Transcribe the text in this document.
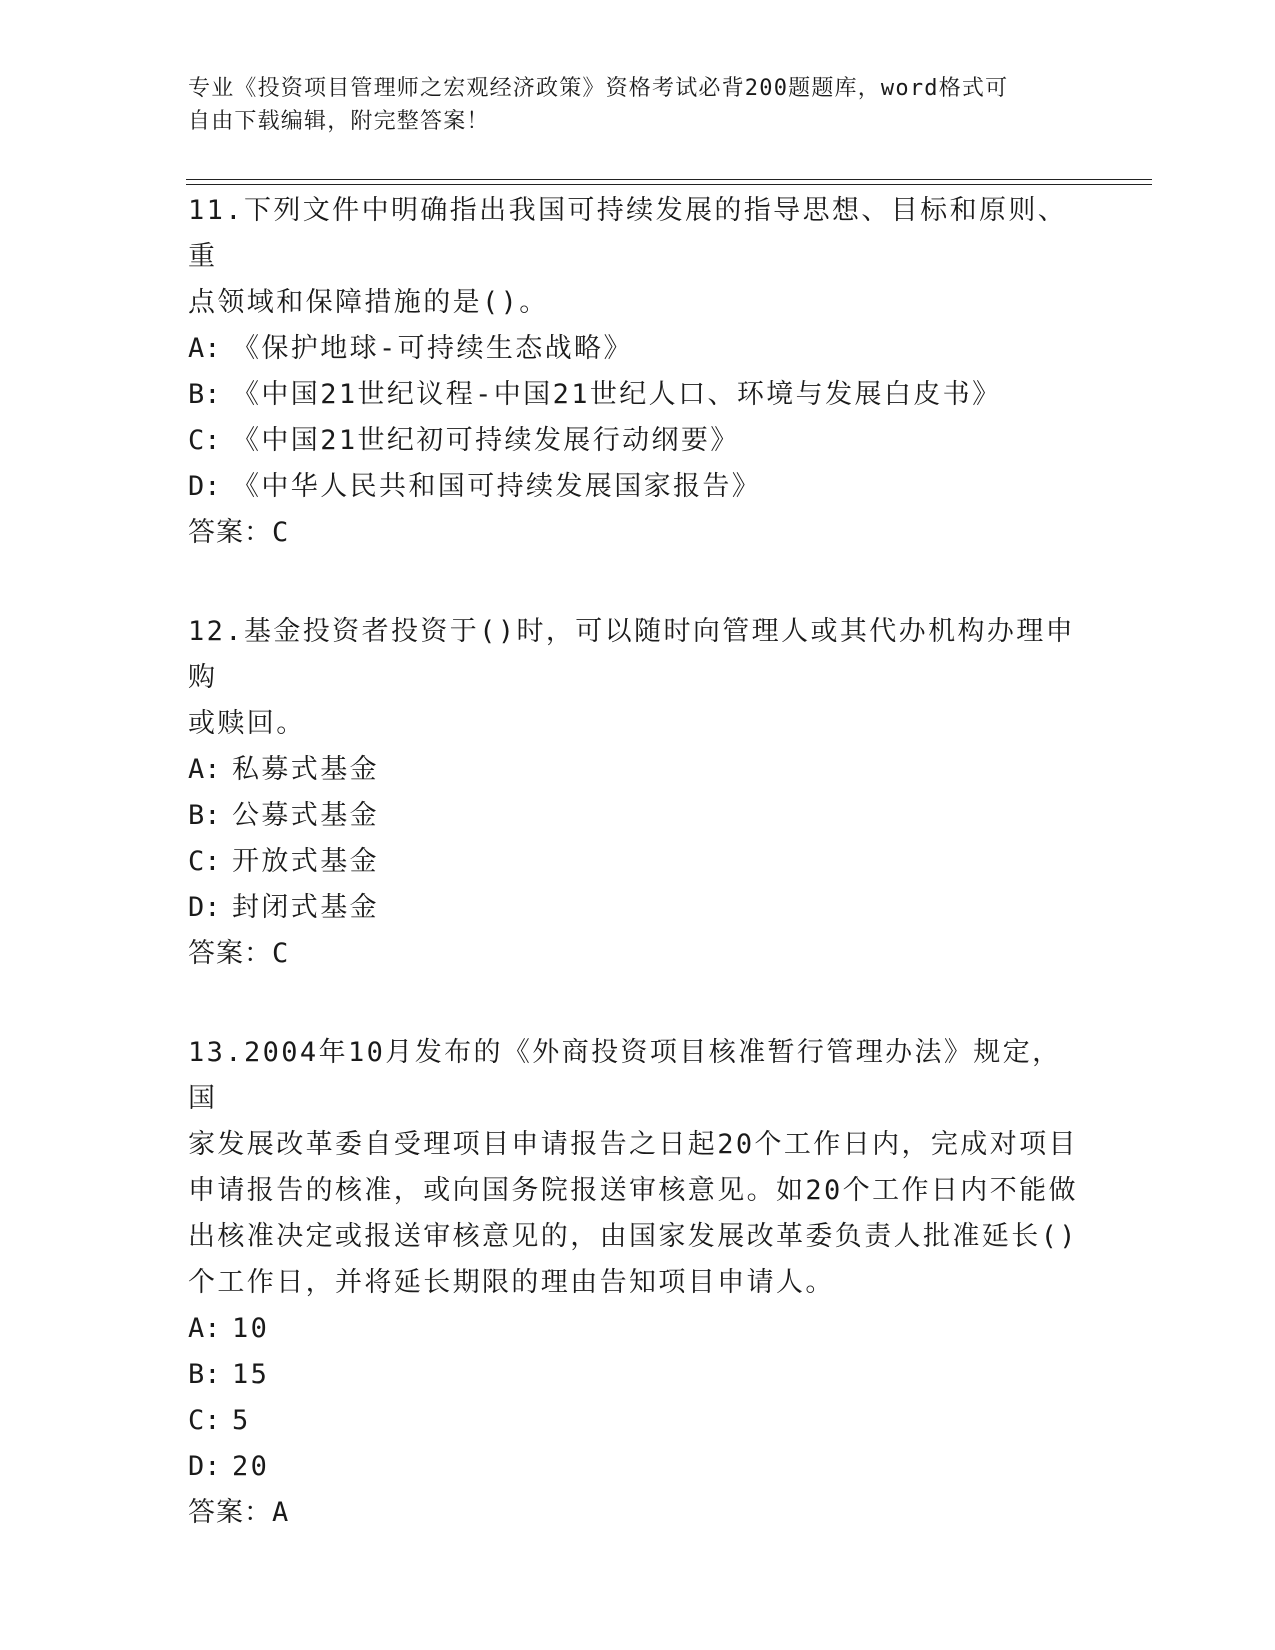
专业《投资项目管理师之宏观经济政策》资格考试必背200题题库，word格式可
自由下载编辑，附完整答案！
11.下列文件中明确指出我国可持续发展的指导思想、目标和原则、重
点领域和保障措施的是()。
A: 《保护地球-可持续生态战略》
B: 《中国21世纪议程-中国21世纪人口、环境与发展白皮书》
C: 《中国21世纪初可持续发展行动纲要》
D: 《中华人民共和国可持续发展国家报告》
答案：C
12.基金投资者投资于()时，可以随时向管理人或其代办机构办理申购
或赎回。
A: 私募式基金
B: 公募式基金
C: 开放式基金
D: 封闭式基金
答案：C
13.2004年10月发布的《外商投资项目核准暂行管理办法》规定，国
家发展改革委自受理项目申请报告之日起20个工作日内，完成对项目
申请报告的核准，或向国务院报送审核意见。如20个工作日内不能做
出核准决定或报送审核意见的，由国家发展改革委负责人批准延长()
个工作日，并将延长期限的理由告知项目申请人。
A: 10
B: 15
C: 5
D: 20
答案：A
